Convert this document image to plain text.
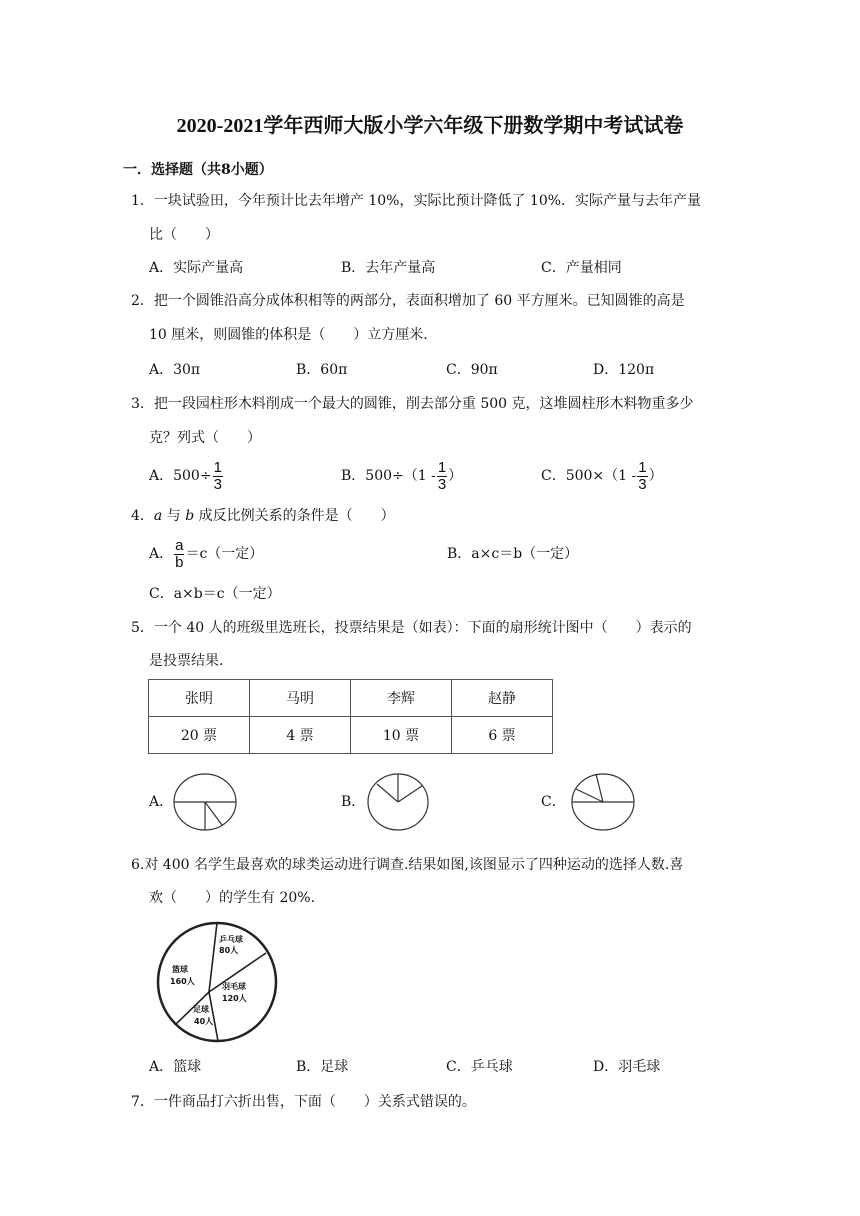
2020-2021学年西师大版小学六年级下册数学期中考试试卷
一．选择题（共8小题）
1．一块试验田，今年预计比去年增产 10%，实际比预计降低了 10%．实际产量与去年产量
比（　　）
A．实际产量高	B．去年产量高	C．产量相同
2．把一个圆锥沿高分成体积相等的两部分，表面积增加了 60 平方厘米。已知圆锥的高是
10 厘米，则圆锥的体积是（　　）立方厘米.
A．30π	B．60π	C．90π	D．120π
3．把一段园柱形木料削成一个最大的圆锥，削去部分重 500 克，这堆圆柱形木料物重多少
克？列式（　　）
A．$500\div \frac{1}{3}$	B．$500\div(1 - \frac{1}{3}$ ）	C．$500\times(1 - \frac{1}{3}$ ）
4．a 与 b 成反比例关系的条件是（　　）
A． $\frac{a}{b} =c$（一定）	B．a×c＝b（一定）
C．a×b＝c（一定）
5．一个 40 人的班级里选班长，投票结果是（如表）：下面的扇形统计图中（　　）表示的
是投票结果.
张明	马明	李辉	赵静
20 票	4 票	10 票	6 票
A．	B．	C．
6.对 400 名学生最喜欢的球类运动进行调查.结果如图,该图显示了四种运动的选择人数.喜
欢（　　）的学生有 20%.
乒乓球
80人
篮球
160人
羽毛球
120人
足球
40人
A．篮球	B．足球	C．乒乓球	D．羽毛球
7．一件商品打六折出售，下面（　　）关系式错误的。
